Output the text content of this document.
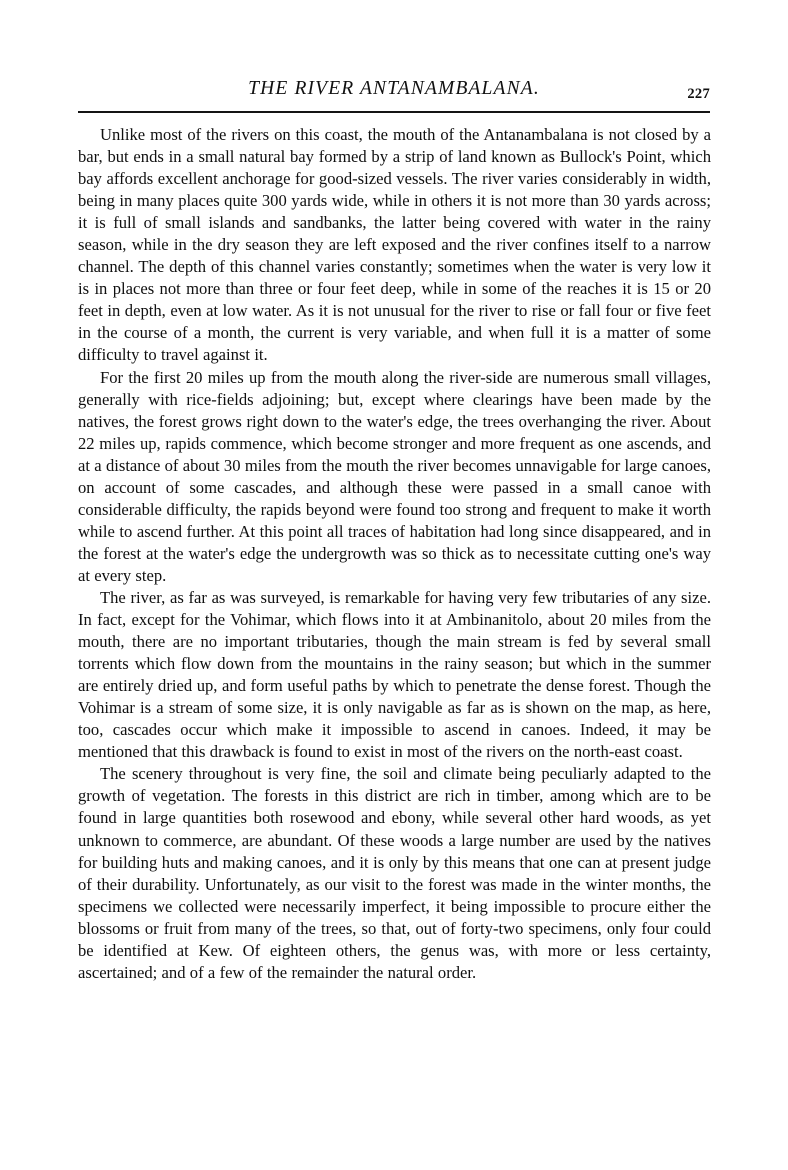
THE RIVER ANTANAMBALANA.	227

Unlike most of the rivers on this coast, the mouth of the Antanambalana is not closed by a bar, but ends in a small natural bay formed by a strip of land known as Bullock's Point, which bay affords excellent anchorage for good-sized vessels. The river varies considerably in width, being in many places quite 300 yards wide, while in others it is not more than 30 yards across; it is full of small islands and sandbanks, the latter being covered with water in the rainy season, while in the dry season they are left exposed and the river confines itself to a narrow channel. The depth of this channel varies constantly; sometimes when the water is very low it is in places not more than three or four feet deep, while in some of the reaches it is 15 or 20 feet in depth, even at low water. As it is not unusual for the river to rise or fall four or five feet in the course of a month, the current is very variable, and when full it is a matter of some difficulty to travel against it.

For the first 20 miles up from the mouth along the river-side are numerous small villages, generally with rice-fields adjoining; but, except where clearings have been made by the natives, the forest grows right down to the water's edge, the trees overhanging the river. About 22 miles up, rapids commence, which become stronger and more frequent as one ascends, and at a distance of about 30 miles from the mouth the river becomes unnavigable for large canoes, on account of some cascades, and although these were passed in a small canoe with considerable difficulty, the rapids beyond were found too strong and frequent to make it worth while to ascend further. At this point all traces of habitation had long since disappeared, and in the forest at the water's edge the undergrowth was so thick as to necessitate cutting one's way at every step.

The river, as far as was surveyed, is remarkable for having very few tributaries of any size. In fact, except for the Vohimar, which flows into it at Ambinanitolo, about 20 miles from the mouth, there are no important tributaries, though the main stream is fed by several small torrents which flow down from the mountains in the rainy season; but which in the summer are entirely dried up, and form useful paths by which to penetrate the dense forest. Though the Vohimar is a stream of some size, it is only navigable as far as is shown on the map, as here, too, cascades occur which make it impossible to ascend in canoes. Indeed, it may be mentioned that this drawback is found to exist in most of the rivers on the north-east coast.

The scenery throughout is very fine, the soil and climate being peculiarly adapted to the growth of vegetation. The forests in this district are rich in timber, among which are to be found in large quantities both rosewood and ebony, while several other hard woods, as yet unknown to commerce, are abundant. Of these woods a large number are used by the natives for building huts and making canoes, and it is only by this means that one can at present judge of their durability. Unfortunately, as our visit to the forest was made in the winter months, the specimens we collected were necessarily imperfect, it being impossible to procure either the blossoms or fruit from many of the trees, so that, out of forty-two specimens, only four could be identified at Kew. Of eighteen others, the genus was, with more or less certainty, ascertained; and of a few of the remainder the natural order.
